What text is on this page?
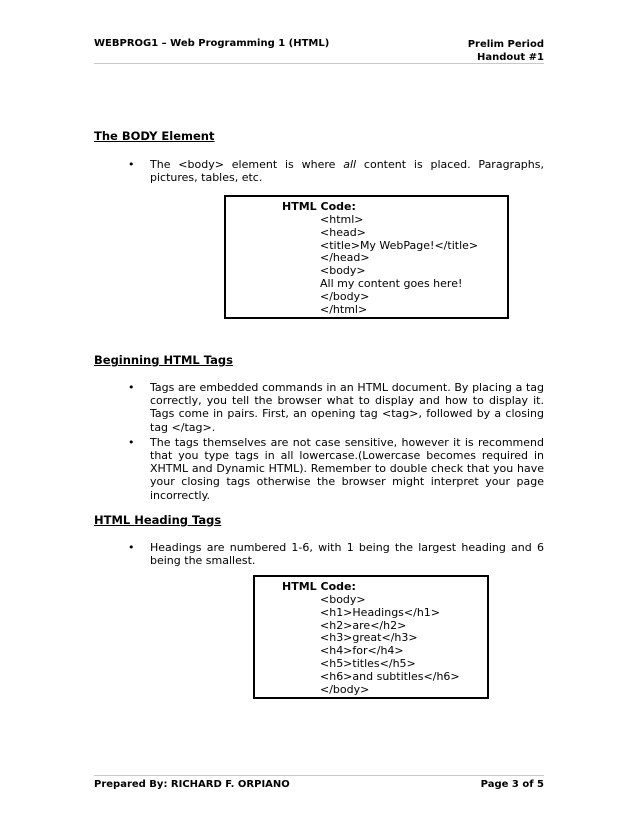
WEBPROG1 – Web Programming 1 (HTML)	Prelim Period
Handout #1
The BODY Element
• The <body> element is where all content is placed. Paragraphs, pictures, tables, etc.
HTML Code:
<html>
<head>
<title>My WebPage!</title>
</head>
<body>
All my content goes here!
</body>
</html>
Beginning HTML Tags
• Tags are embedded commands in an HTML document. By placing a tag correctly, you tell the browser what to display and how to display it. Tags come in pairs. First, an opening tag <tag>, followed by a closing tag </tag>.
• The tags themselves are not case sensitive, however it is recommend that you type tags in all lowercase.(Lowercase becomes required in XHTML and Dynamic HTML). Remember to double check that you have your closing tags otherwise the browser might interpret your page incorrectly.
HTML Heading Tags
• Headings are numbered 1-6, with 1 being the largest heading and 6 being the smallest.
HTML Code:
<body>
<h1>Headings</h1>
<h2>are</h2>
<h3>great</h3>
<h4>for</h4>
<h5>titles</h5>
<h6>and subtitles</h6>
</body>
Prepared By: RICHARD F. ORPIANO	Page 3 of 5
